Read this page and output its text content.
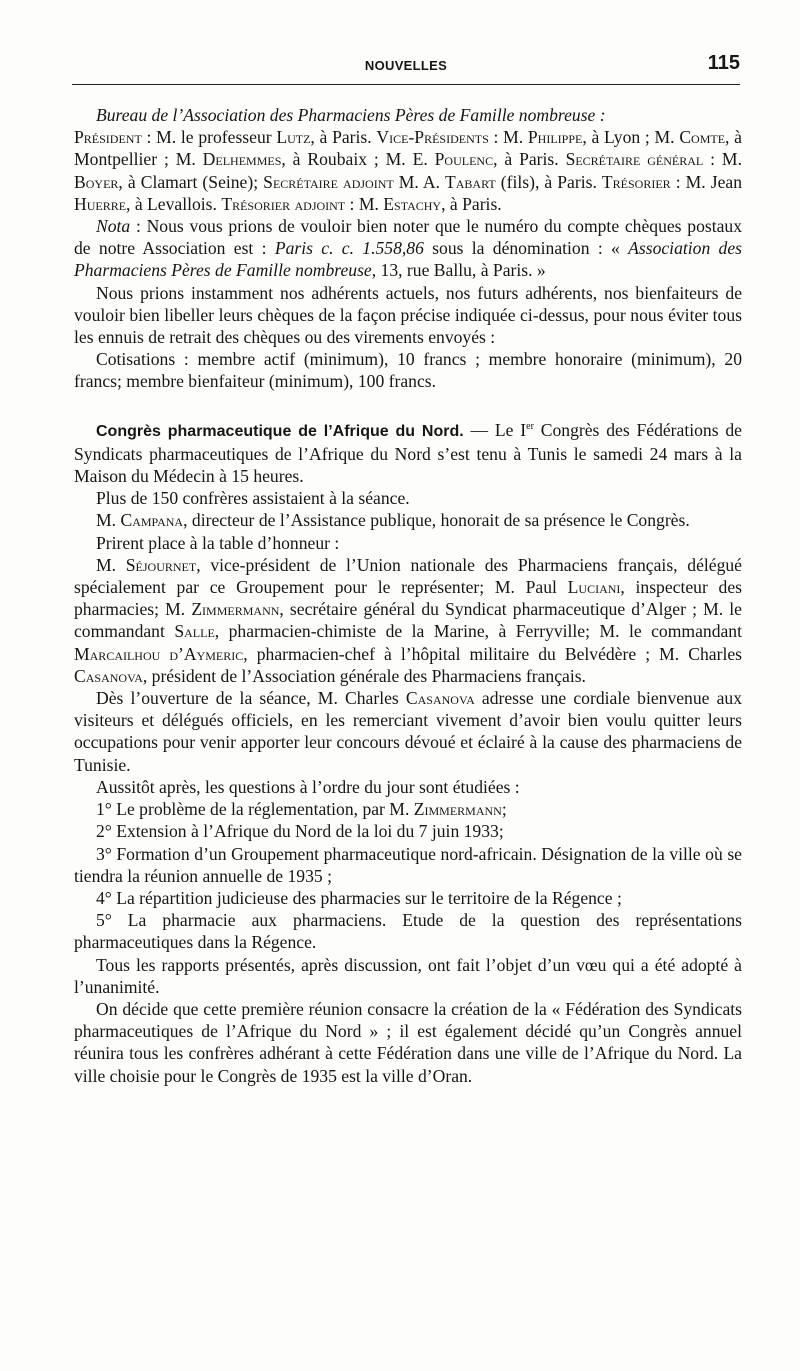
NOUVELLES	115

Bureau de l’Association des Pharmaciens Pères de Famille nombreuse :

Président : M. le professeur Lutz, à Paris. Vice-Présidents : M. Philippe, à Lyon ; M. Comte, à Montpellier ; M. Delhemmes, à Roubaix ; M. E. Poulenc, à Paris. Secrétaire général : M. Boyer, à Clamart (Seine); Secrétaire adjoint M. A. Tabart (fils), à Paris. Trésorier : M. Jean Huerre, à Levallois. Trésorier adjoint : M. Estachy, à Paris.

Nota : Nous vous prions de vouloir bien noter que le numéro du compte chèques postaux de notre Association est : Paris c. c. 1.558,86 sous la dénomination : « Association des Pharmaciens Pères de Famille nombreuse, 13, rue Ballu, à Paris. »

Nous prions instamment nos adhérents actuels, nos futurs adhérents, nos bienfaiteurs de vouloir bien libeller leurs chèques de la façon précise indiquée ci-dessus, pour nous éviter tous les ennuis de retrait des chèques ou des virements envoyés :

Cotisations : membre actif (minimum), 10 francs ; membre honoraire (minimum), 20 francs; membre bienfaiteur (minimum), 100 francs.

Congrès pharmaceutique de l’Afrique du Nord. — Le Ier Congrès des Fédérations de Syndicats pharmaceutiques de l’Afrique du Nord s’est tenu à Tunis le samedi 24 mars à la Maison du Médecin à 15 heures.

Plus de 150 confrères assistaient à la séance.

M. Campana, directeur de l’Assistance publique, honorait de sa présence le Congrès.

Prirent place à la table d’honneur :

M. Séjournet, vice-président de l’Union nationale des Pharmaciens français, délégué spécialement par ce Groupement pour le représenter; M. Paul Luciani, inspecteur des pharmacies; M. Zimmermann, secrétaire général du Syndicat pharmaceutique d’Alger ; M. le commandant Salle, pharmacien-chimiste de la Marine, à Ferryville; M. le commandant Marcailhou d’Aymeric, pharmacien-chef à l’hôpital militaire du Belvédère ; M. Charles Casanova, président de l’Association générale des Pharmaciens français.

Dès l’ouverture de la séance, M. Charles Casanova adresse une cordiale bienvenue aux visiteurs et délégués officiels, en les remerciant vivement d’avoir bien voulu quitter leurs occupations pour venir apporter leur concours dévoué et éclairé à la cause des pharmaciens de Tunisie.

Aussitôt après, les questions à l’ordre du jour sont étudiées :

1° Le problème de la réglementation, par M. Zimmermann;

2° Extension à l’Afrique du Nord de la loi du 7 juin 1933;

3° Formation d’un Groupement pharmaceutique nord-africain. Désignation de la ville où se tiendra la réunion annuelle de 1935 ;

4° La répartition judicieuse des pharmacies sur le territoire de la Régence ;

5° La pharmacie aux pharmaciens. Etude de la question des représentations pharmaceutiques dans la Régence.

Tous les rapports présentés, après discussion, ont fait l’objet d’un vœu qui a été adopté à l’unanimité.

On décide que cette première réunion consacre la création de la « Fédération des Syndicats pharmaceutiques de l’Afrique du Nord » ; il est également décidé qu’un Congrès annuel réunira tous les confrères adhérant à cette Fédération dans une ville de l’Afrique du Nord. La ville choisie pour le Congrès de 1935 est la ville d’Oran.
